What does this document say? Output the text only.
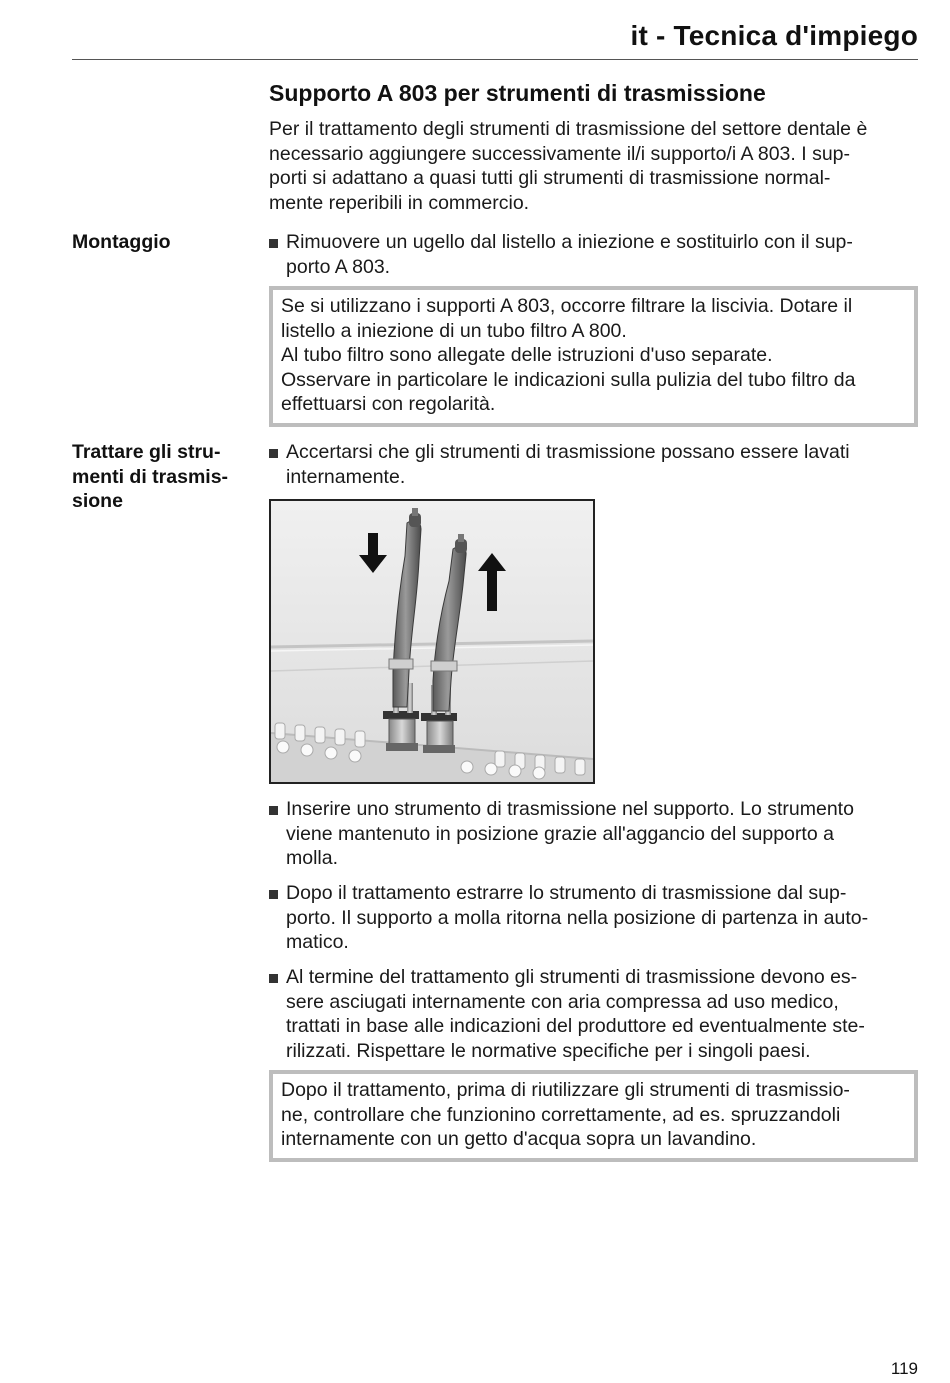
it - Tecnica d'impiego
Supporto A 803 per strumenti di trasmissione
Per il trattamento degli strumenti di trasmissione del settore dentale è
necessario aggiungere successivamente il/i supporto/i A 803. I sup-
porti si adattano a quasi tutti gli strumenti di trasmissione normal-
mente reperibili in commercio.
Montaggio	Rimuovere un ugello dal listello a iniezione e sostituirlo con il sup-
porto A 803.
Se si utilizzano i supporti A 803, occorre filtrare la liscivia. Dotare il
listello a iniezione di un tubo filtro A 800.
Al tubo filtro sono allegate delle istruzioni d'uso separate.
Osservare in particolare le indicazioni sulla pulizia del tubo filtro da
effettuarsi con regolarità.
Trattare gli stru-
menti di trasmis-
sione
Accertarsi che gli strumenti di trasmissione possano essere lavati
internamente.
Inserire uno strumento di trasmissione nel supporto. Lo strumento
viene mantenuto in posizione grazie all'aggancio del supporto a
molla.
Dopo il trattamento estrarre lo strumento di trasmissione dal sup-
porto. Il supporto a molla ritorna nella posizione di partenza in auto-
matico.
Al termine del trattamento gli strumenti di trasmissione devono es-
sere asciugati internamente con aria compressa ad uso medico,
trattati in base alle indicazioni del produttore ed eventualmente ste-
rilizzati. Rispettare le normative specifiche per i singoli paesi.
Dopo il trattamento, prima di riutilizzare gli strumenti di trasmissio-
ne, controllare che funzionino correttamente, ad es. spruzzandoli
internamente con un getto d'acqua sopra un lavandino.
119
